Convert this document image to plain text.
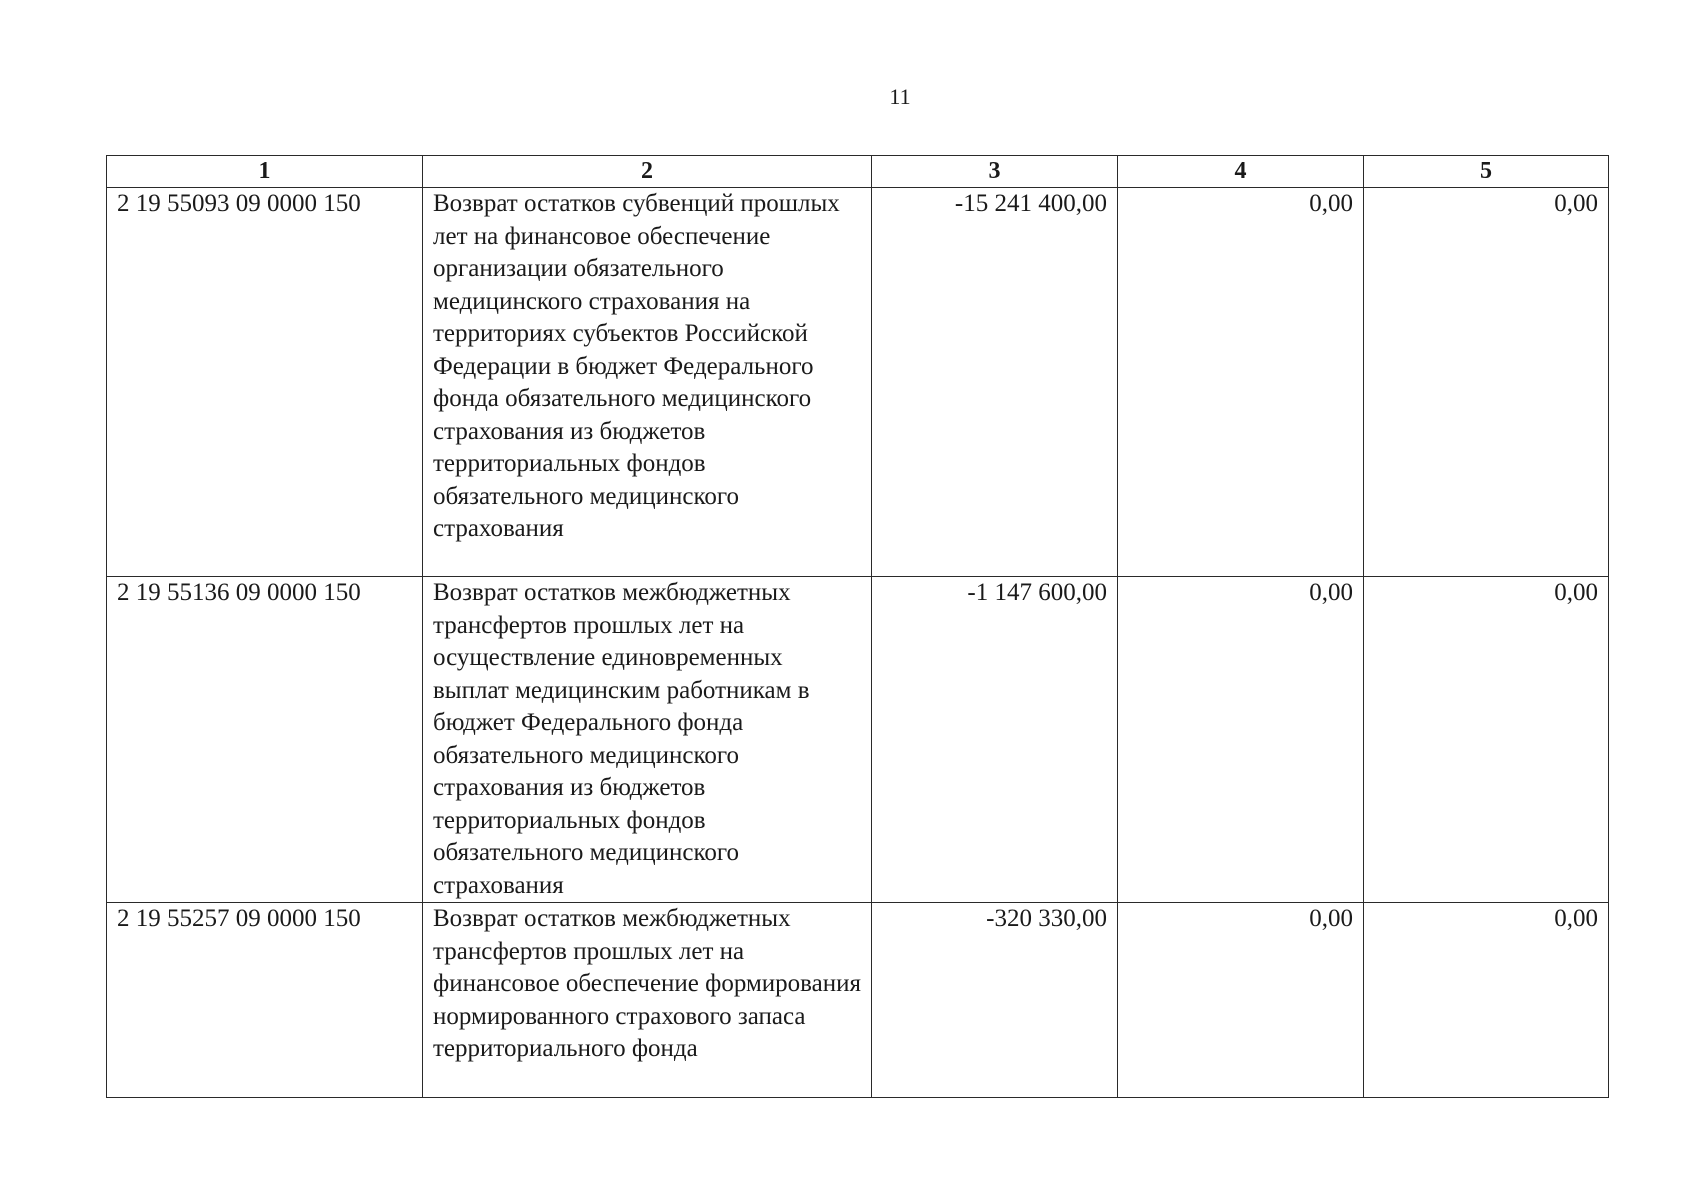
11
1	2	3	4	5
2 19 55093 09 0000 150	Возврат остатков субвенций прошлых лет на финансовое обеспечение организации обязательного медицинского страхования на территориях субъектов Российской Федерации в бюджет Федерального фонда обязательного медицинского страхования из бюджетов территориальных фондов обязательного медицинского страхования	-15 241 400,00	0,00	0,00
2 19 55136 09 0000 150	Возврат остатков межбюджетных трансфертов прошлых лет на осуществление единовременных выплат медицинским работникам в бюджет Федерального фонда обязательного медицинского страхования из бюджетов территориальных фондов обязательного медицинского страхования	-1 147 600,00	0,00	0,00
2 19 55257 09 0000 150	Возврат остатков межбюджетных трансфертов прошлых лет на финансовое обеспечение формирования нормированного страхового запаса территориального фонда	-320 330,00	0,00	0,00
